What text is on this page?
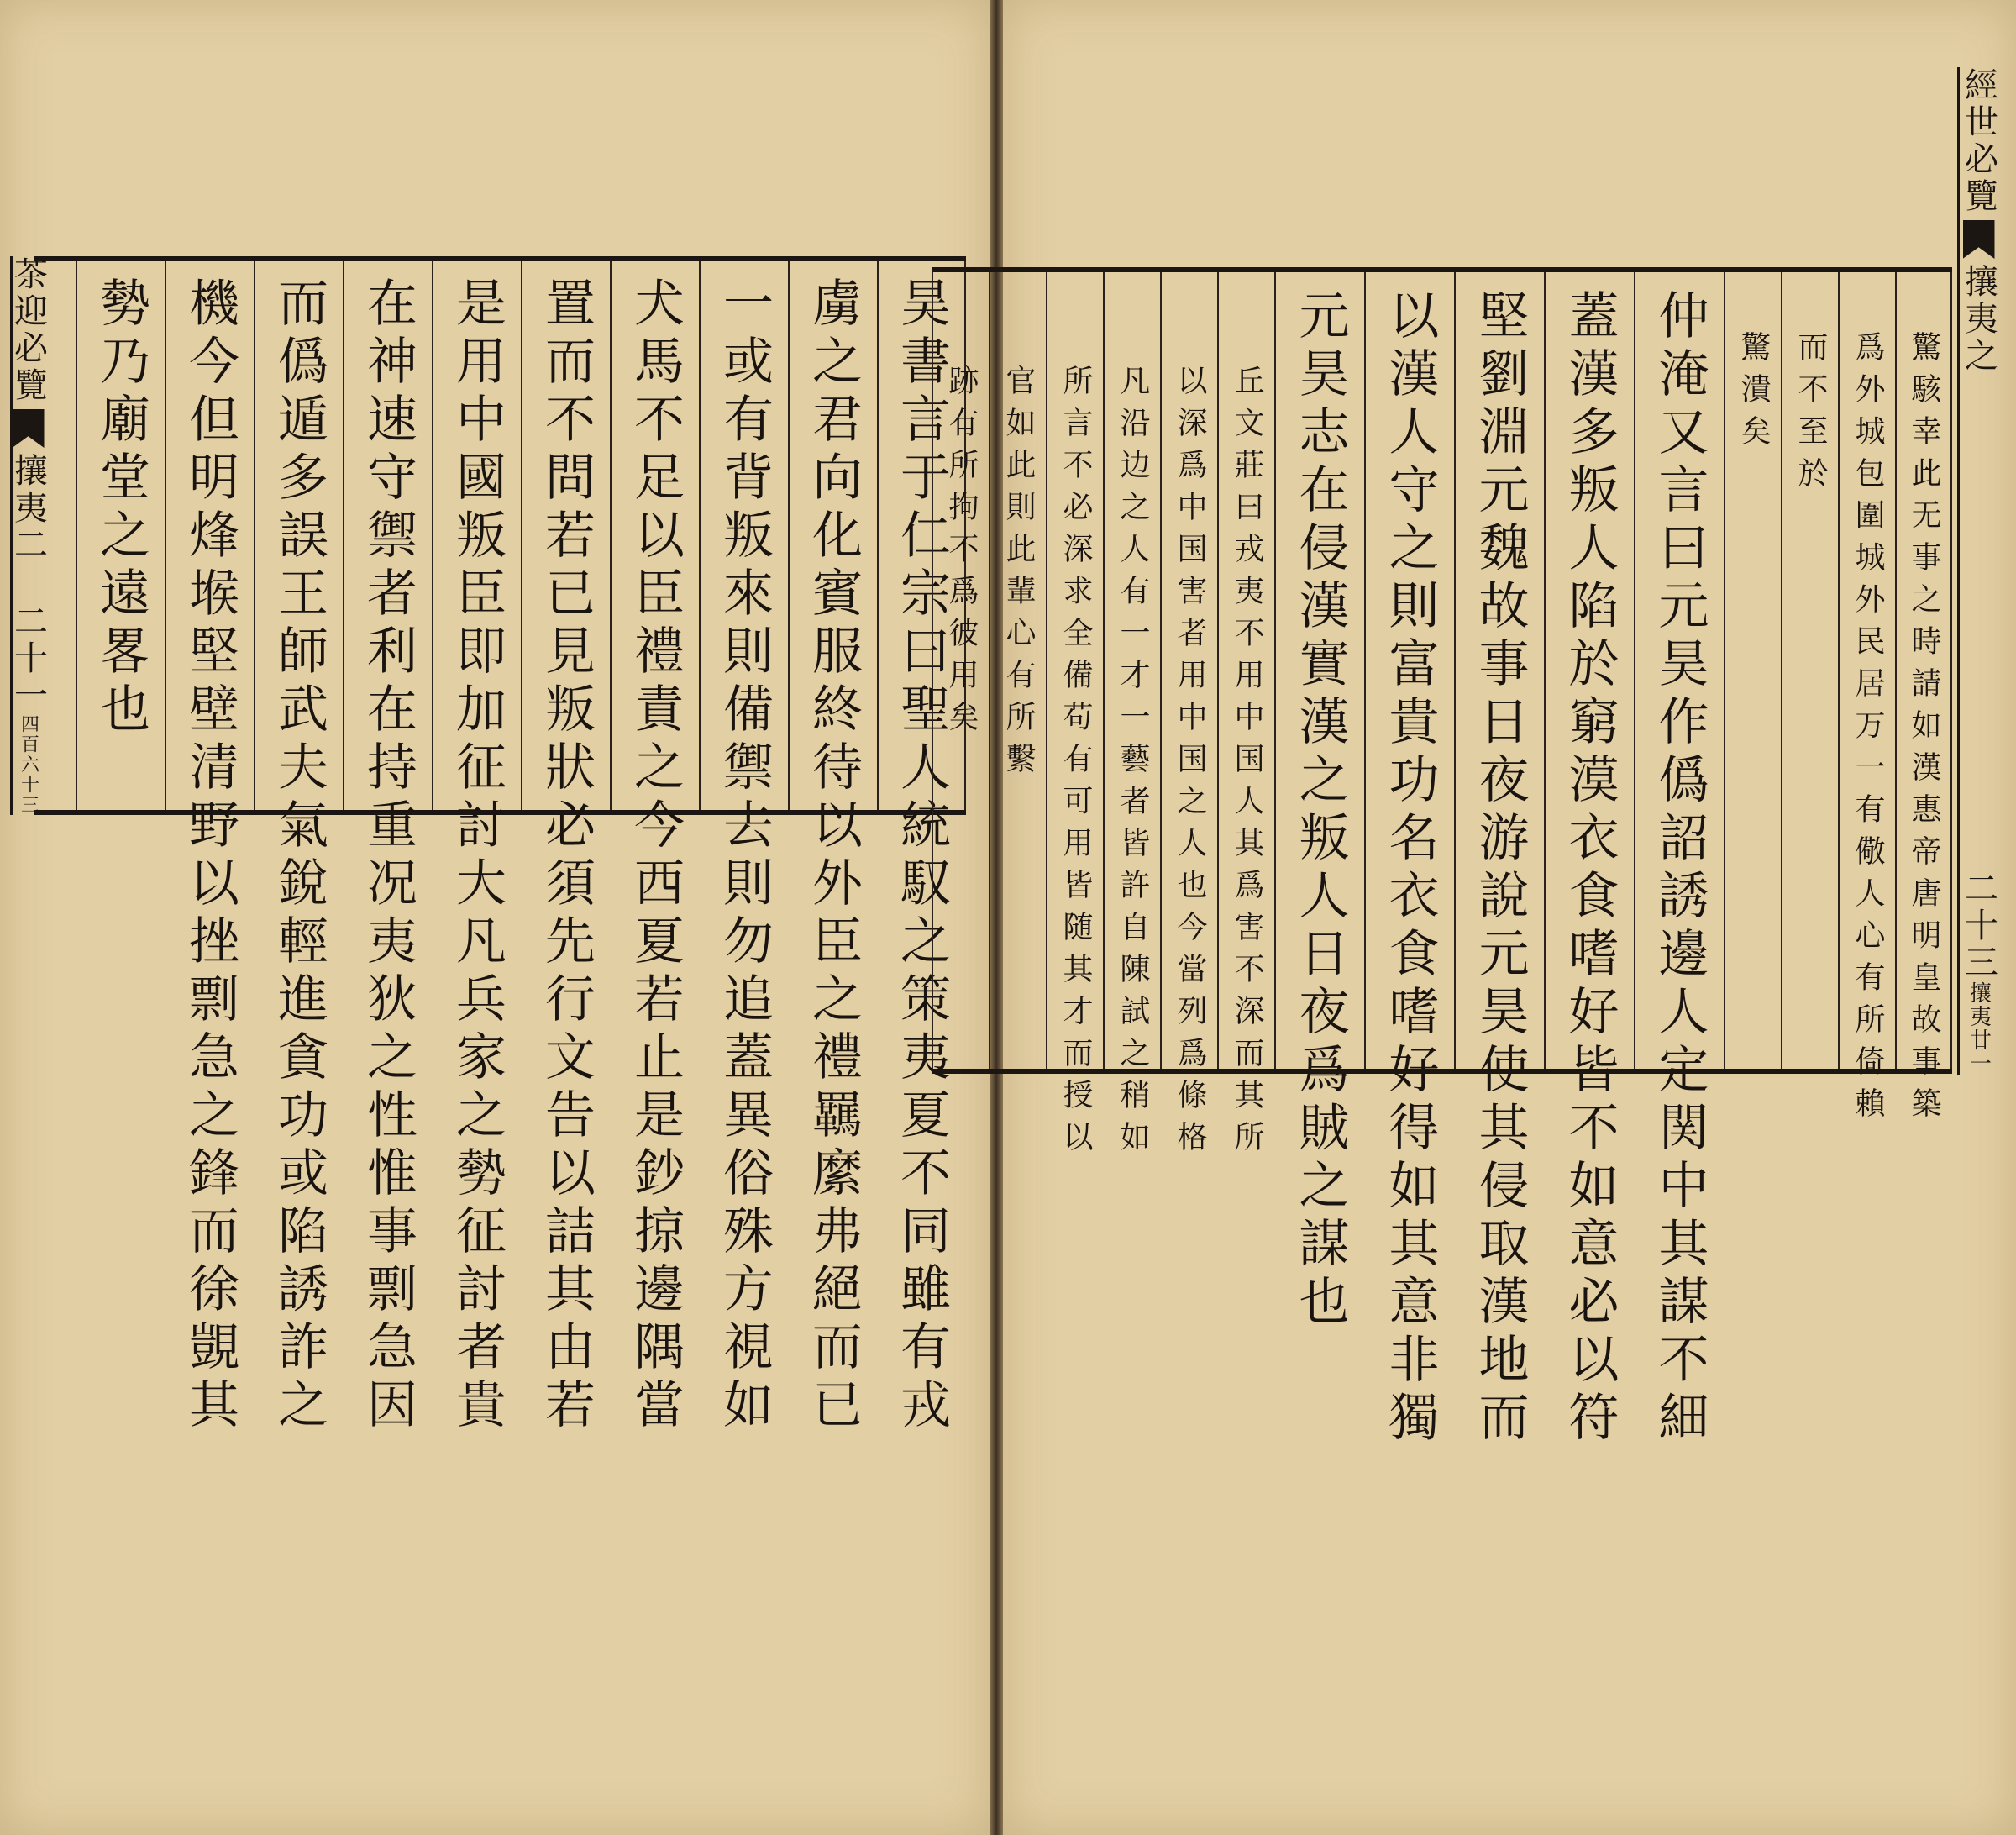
茶迎必覽
攘夷二
二十一
四百六十三	昊書言于仁宗曰聖人統馭之策夷夏不同雖有戎
虜之君向化賓服終待以外臣之禮羈縻弗絕而已
一或有背叛來則備禦去則勿追蓋異俗殊方視如
犬馬不足以臣禮責之今西夏若止是鈔掠邊隅當
置而不問若已見叛狀必須先行文告以詰其由若
是用中國叛臣即加征討大凡兵家之勢征討者貴
在神速守禦者利在持重况夷狄之性惟事剽急因
而僞遁多誤王師武夫氣銳輕進貪功或陷誘詐之
機今但明烽堠堅壁清野以挫剽急之鋒而徐覬其
勢乃廟堂之遠畧也	驚駭幸此无事之時請如漢惠帝唐明皇故事築
爲外城包圍城外民居万一有儆人心有所倚賴
而不至於
驚潰矣
仲淹又言曰元昊作僞詔誘邊人定関中其謀不細
蓋漢多叛人陷於窮漠衣食嗜好皆不如意必以符
堅劉淵元魏故事日夜游說元昊使其侵取漢地而
以漢人守之則富貴功名衣食嗜好得如其意非獨
元昊志在侵漢實漢之叛人日夜爲賊之謀也
丘文莊曰戎夷不用中国人其爲害不深而其所
以深爲中国害者用中国之人也今當列爲條格
凡沿边之人有一才一藝者皆許自陳試之稍如
所言不必深求全備苟有可用皆随其才而授以
官如此則此輩心有所繫
跡有所拘不爲彼用矣
經世必覽
攘夷之
二十三
攘夷廿一
